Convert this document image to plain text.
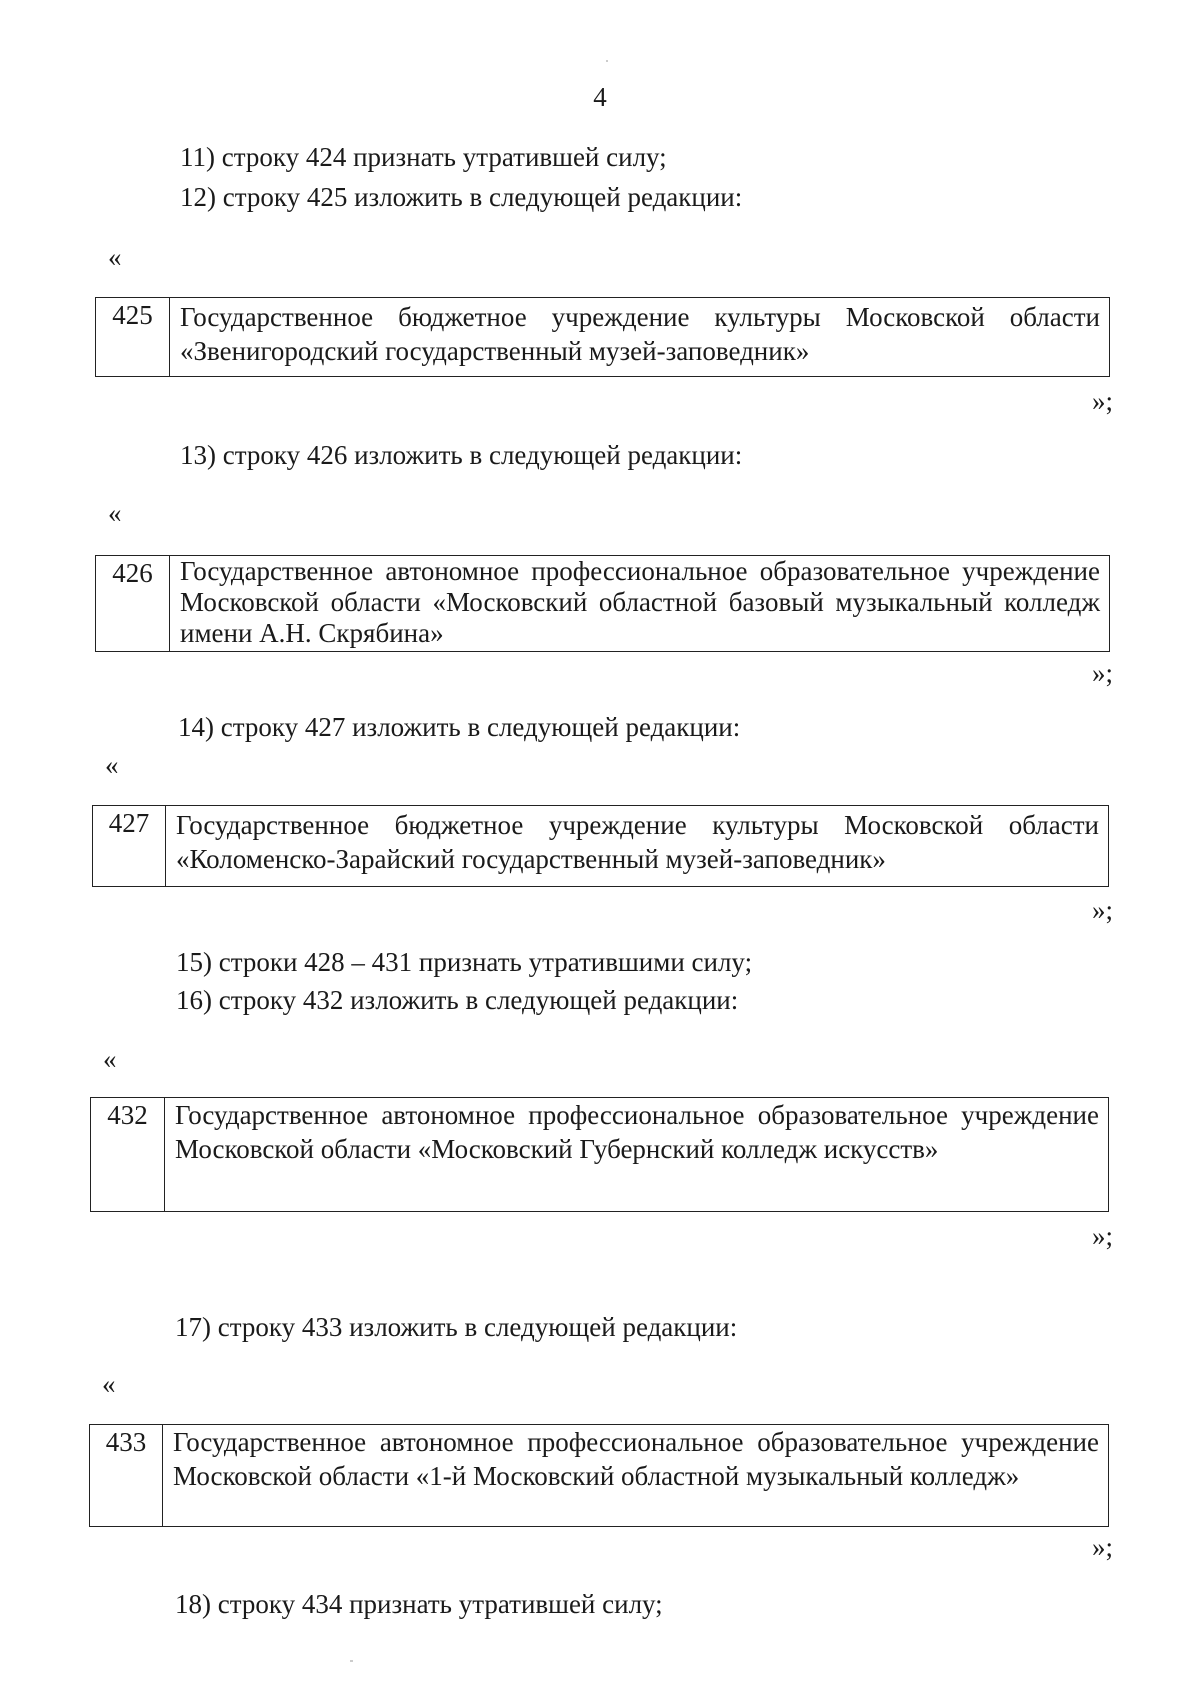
4
11) строку 424 признать утратившей силу;
12) строку 425 изложить в следующей редакции:
«
425	Государственное бюджетное учреждение культуры Московской области «Звенигородский государственный музей-заповедник»
»;
13) строку 426 изложить в следующей редакции:
«
426	Государственное автономное профессиональное образовательное учреждение Московской области «Московский областной базовый музыкальный колледж имени А.Н. Скрябина»
»;
14) строку 427 изложить в следующей редакции:
«
427 Государственное бюджетное учреждение культуры Московской области «Коломенско-Зарайский государственный музей-заповедник»
»;
15) строки 428 – 431 признать утратившими силу;
16) строку 432 изложить в следующей редакции:
«
432	Государственное автономное профессиональное образовательное учреждение Московской области «Московский Губернский колледж искусств»
»;
17) строку 433 изложить в следующей редакции:
«
433 Государственное автономное профессиональное образовательное учреждение Московской области «1-й Московский областной музыкальный колледж»
»;
18) строку 434 признать утратившей силу;
